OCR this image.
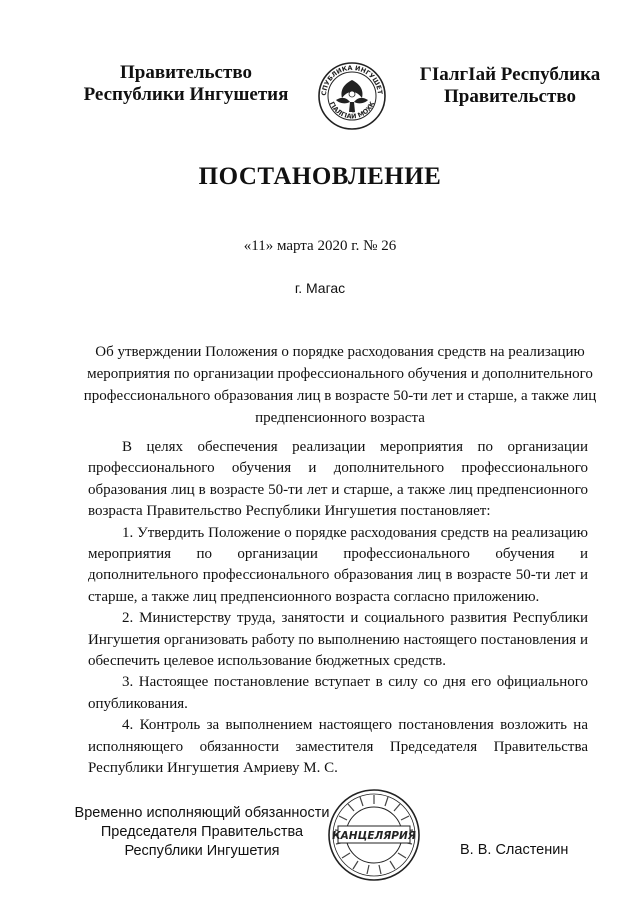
Правительство
Республики Ингушетия	СПУБЛИКА ИНГУШЕТ
ГIАЛГIАЙ МОХК
ГӀалгӀай Республика
Правительство
ПОСТАНОВЛЕНИЕ
«11» марта 2020 г. № 26
г. Магас
Об утверждении Положения о порядке расходования средств на реализацию мероприятия по организации профессионального обучения и дополнительного профессионального образования лиц в возрасте 50-ти лет и старше, а также лиц предпенсионного возраста

В целях обеспечения реализации мероприятия по организации профессионального обучения и дополнительного профессионального образования лиц в возрасте 50-ти лет и старше, а также лиц предпенсионного возраста Правительство Республики Ингушетия постановляет:

1. Утвердить Положение о порядке расходования средств на реализацию мероприятия по организации профессионального обучения и дополнительного профессионального образования лиц в возрасте 50-ти лет и старше, а также лиц предпенсионного возраста согласно приложению.

2. Министерству труда, занятости и социального развития Республики Ингушетия организовать работу по выполнению настоящего постановления и обеспечить целевое использование бюджетных средств.

3. Настоящее постановление вступает в силу со дня его официального опубликования.

4. Контроль за выполнением настоящего постановления возложить на исполняющего обязанности заместителя Председателя Правительства Республики Ингушетия Амриеву М. С.

Временно исполняющий обязанности
Председателя Правительства
Республики Ингушетия
КАНЦЕЛЯРИЯ
В. В. Сластенин
